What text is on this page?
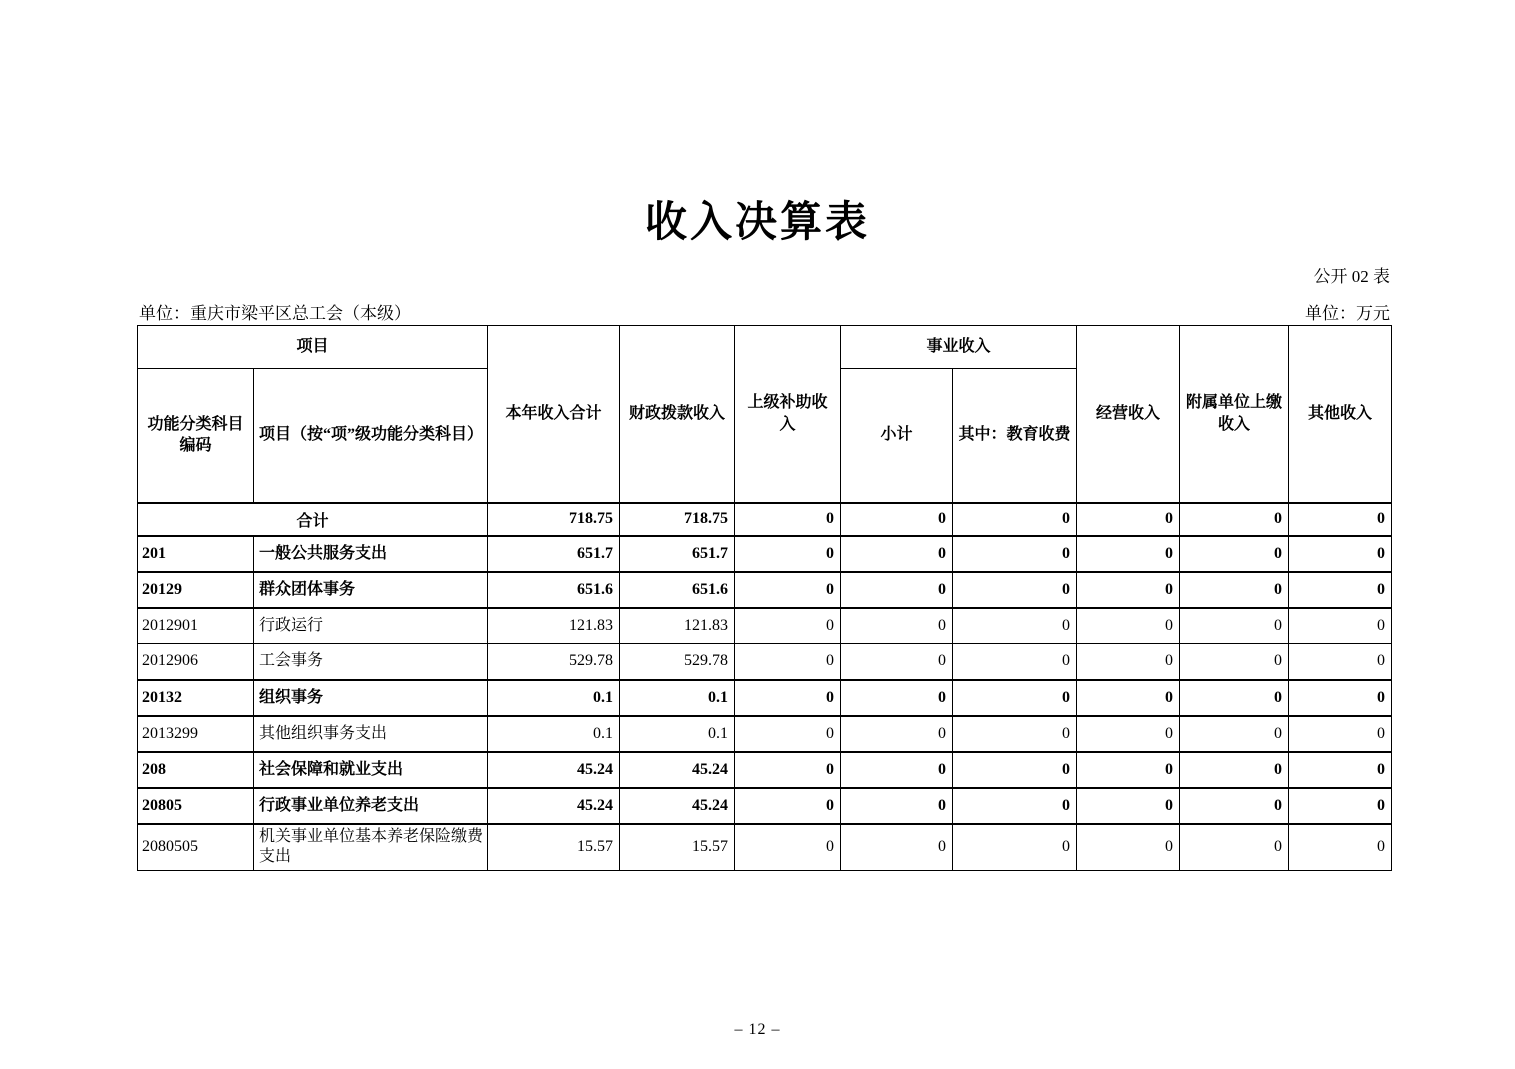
收入决算表
公开 02 表
单位：重庆市梁平区总工会（本级）	单位：万元
项目		本年收入合计	财政拨款收入	上级补助收入	事业收入		经营收入	附属单位上缴收入	其他收入
功能分类科目编码	项目（按“项”级功能分类科目）				小计	其中：教育收费			
合计		718.75	718.75	0	0	0	0	0	0
201	一般公共服务支出	651.7	651.7	0	0	0	0	0	0
20129	群众团体事务	651.6	651.6	0	0	0	0	0	0
2012901	行政运行	121.83	121.83	0	0	0	0	0	0
2012906	工会事务	529.78	529.78	0	0	0	0	0	0
20132	组织事务	0.1	0.1	0	0	0	0	0	0
2013299	其他组织事务支出	0.1	0.1	0	0	0	0	0	0
208	社会保障和就业支出	45.24	45.24	0	0	0	0	0	0
20805	行政事业单位养老支出	45.24	45.24	0	0	0	0	0	0
2080505	机关事业单位基本养老保险缴费支出	15.57	15.57	0	0	0	0	0	0
– 12 –
